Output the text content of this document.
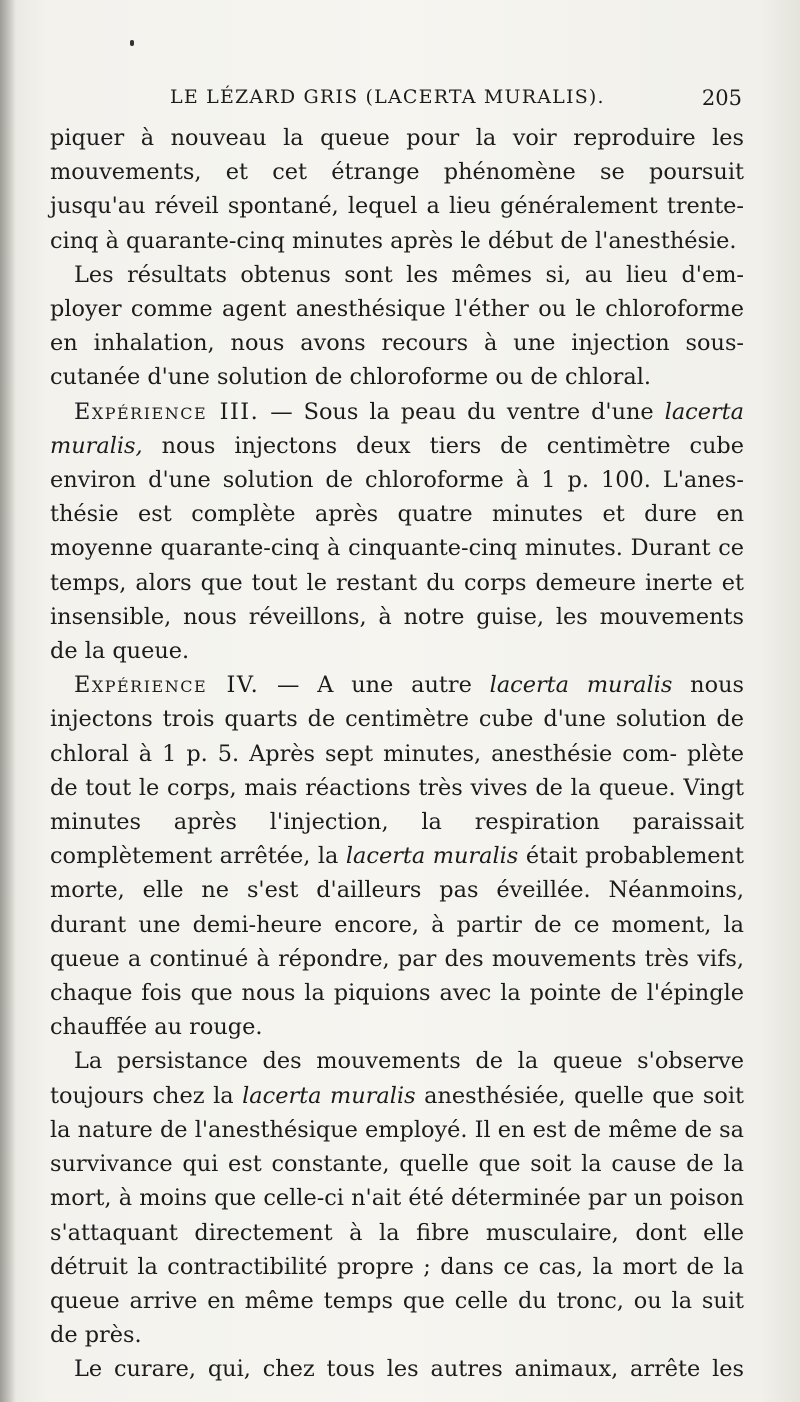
LE LÉZARD GRIS (LACERTA MURALIS).	205

piquer à nouveau la queue pour la voir reproduire les mouvements, et cet étrange phénomène se poursuit jusqu'au réveil spontané, lequel a lieu généralement trente-cinq à quarante-cinq minutes après le début de l'anesthésie.

Les résultats obtenus sont les mêmes si, au lieu d'em- ployer comme agent anesthésique l'éther ou le chloroforme en inhalation, nous avons recours à une injection sous- cutanée d'une solution de chloroforme ou de chloral.

Expérience III. — Sous la peau du ventre d'une lacerta muralis, nous injectons deux tiers de centimètre cube environ d'une solution de chloroforme à 1 p. 100. L'anes- thésie est complète après quatre minutes et dure en moyenne quarante-cinq à cinquante-cinq minutes. Durant ce temps, alors que tout le restant du corps demeure inerte et insensible, nous réveillons, à notre guise, les mouvements de la queue.

Expérience IV. — A une autre lacerta muralis nous injectons trois quarts de centimètre cube d'une solution de chloral à 1 p. 5. Après sept minutes, anesthésie com- plète de tout le corps, mais réactions très vives de la queue. Vingt minutes après l'injection, la respiration paraissait complètement arrêtée, la lacerta muralis était probablement morte, elle ne s'est d'ailleurs pas éveillée. Néanmoins, durant une demi-heure encore, à partir de ce moment, la queue a continué à répondre, par des mouvements très vifs, chaque fois que nous la piquions avec la pointe de l'épingle chauffée au rouge.

La persistance des mouvements de la queue s'observe toujours chez la lacerta muralis anesthésiée, quelle que soit la nature de l'anesthésique employé. Il en est de même de sa survivance qui est constante, quelle que soit la cause de la mort, à moins que celle-ci n'ait été déterminée par un poison s'attaquant directement à la fibre musculaire, dont elle détruit la contractibilité propre ; dans ce cas, la mort de la queue arrive en même temps que celle du tronc, ou la suit de près.

Le curare, qui, chez tous les autres animaux, arrête les
